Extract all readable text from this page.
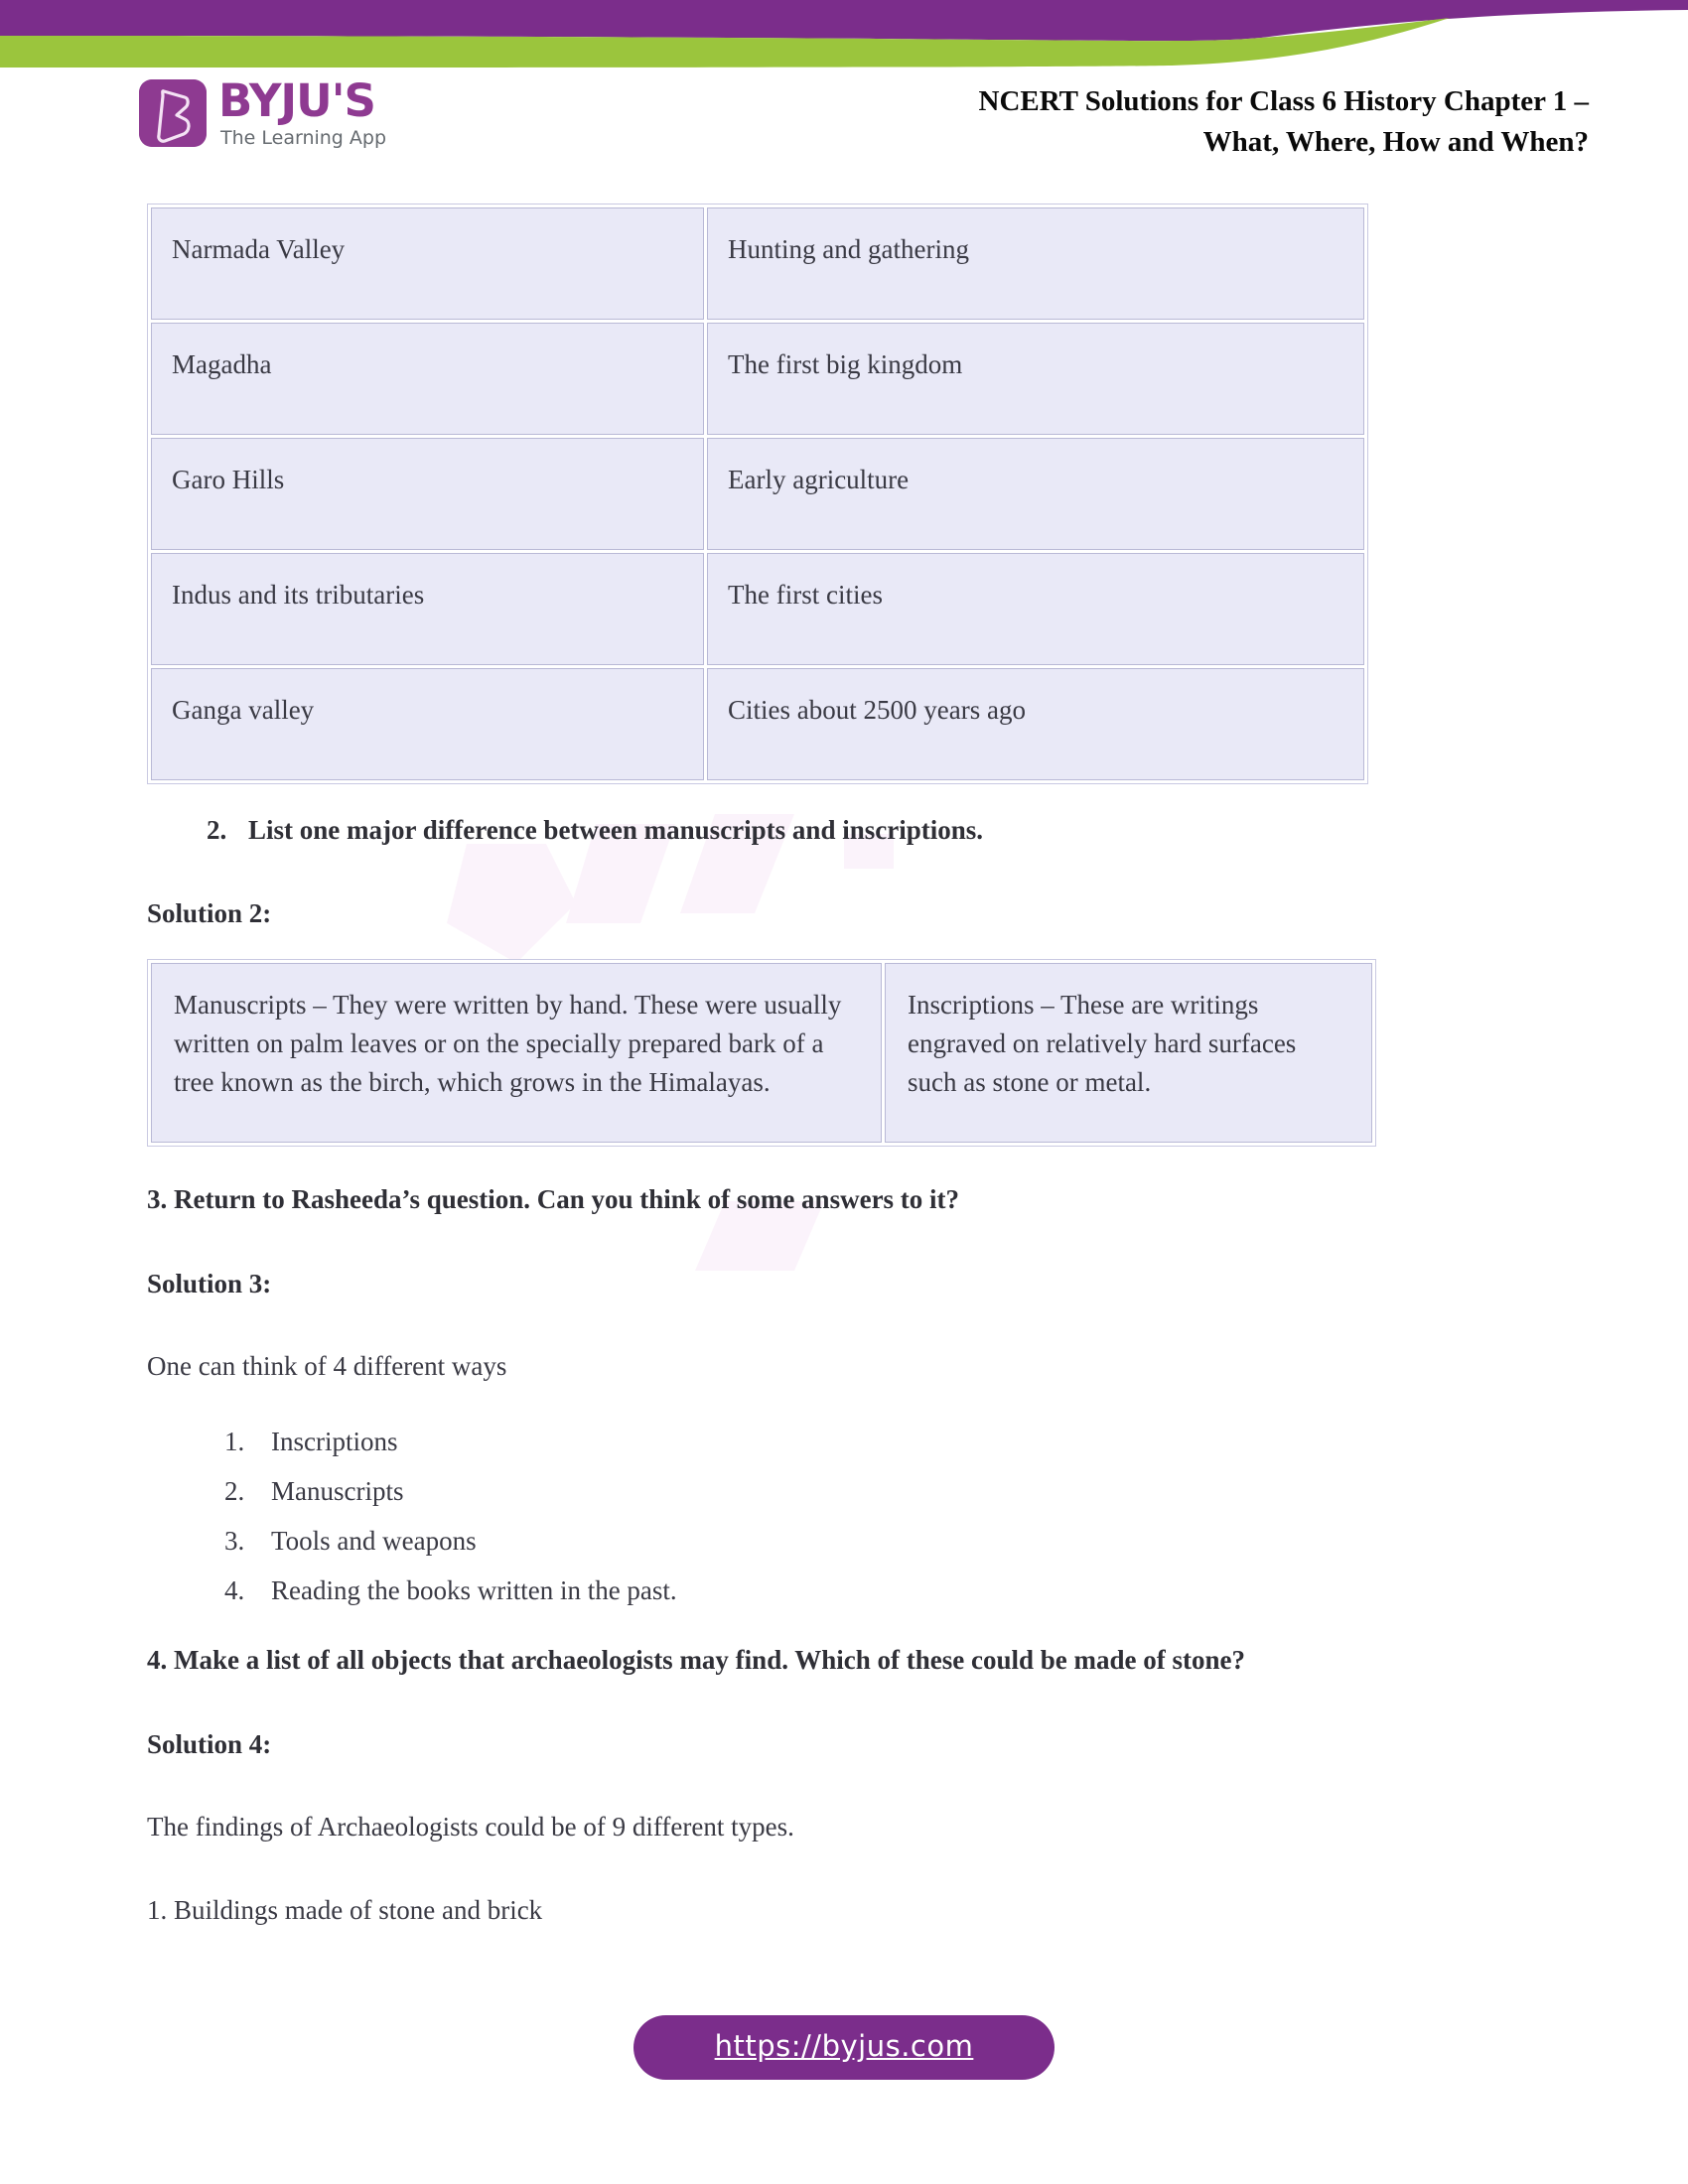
BYJU'S
The Learning App
NCERT Solutions for Class 6 History Chapter 1 –
What, Where, How and When?
Narmada Valley	Hunting and gathering
Magadha	The first big kingdom
Garo Hills	Early agriculture
Indus and its tributaries	The first cities
Ganga valley	Cities about 2500 years ago

2. List one major difference between manuscripts and inscriptions.

Solution 2:

Manuscripts – They were written by hand. These were usually written on palm leaves or on the specially prepared bark of a tree known as the birch, which grows in the Himalayas.	Inscriptions – These are writings engraved on relatively hard surfaces such as stone or metal.

3. Return to Rasheeda’s question. Can you think of some answers to it?

Solution 3:

One can think of 4 different ways

1. Inscriptions
2. Manuscripts
3. Tools and weapons
4. Reading the books written in the past.

4. Make a list of all objects that archaeologists may find. Which of these could be made of stone?

Solution 4:

The findings of Archaeologists could be of 9 different types.

1. Buildings made of stone and brick

https://byjus.com
